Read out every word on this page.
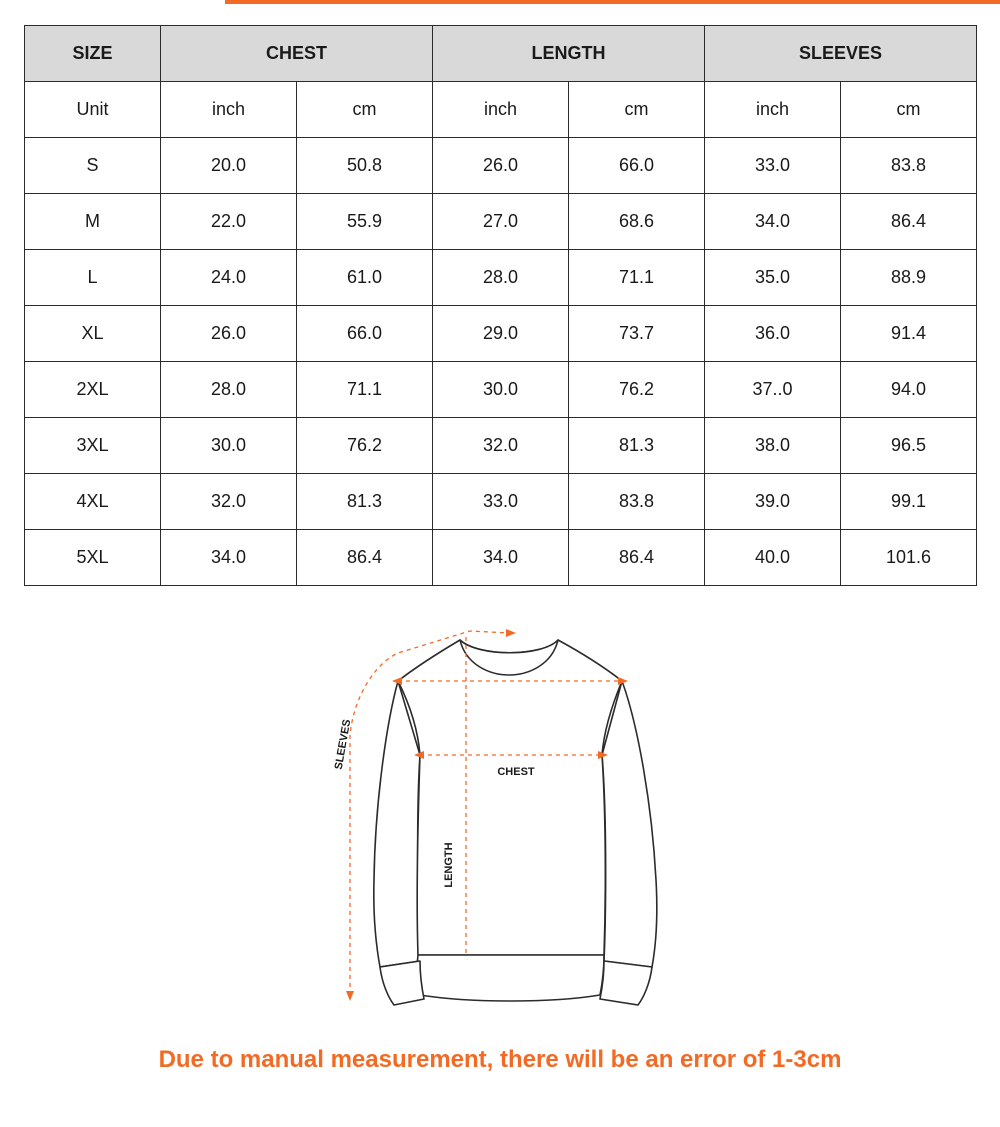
SIZE	CHEST		LENGTH		SLEEVES	
Unit	inch	cm	inch	cm	inch	cm
S	20.0	50.8	26.0	66.0	33.0	83.8
M	22.0	55.9	27.0	68.6	34.0	86.4
L	24.0	61.0	28.0	71.1	35.0	88.9
XL	26.0	66.0	29.0	73.7	36.0	91.4
2XL	28.0	71.1	30.0	76.2	37..0	94.0
3XL	30.0	76.2	32.0	81.3	38.0	96.5
4XL	32.0	81.3	33.0	83.8	39.0	99.1
5XL	34.0	86.4	34.0	86.4	40.0	101.6
SLEEVES
CHEST
LENGTH
Due to manual measurement, there will be an error of 1-3cm
